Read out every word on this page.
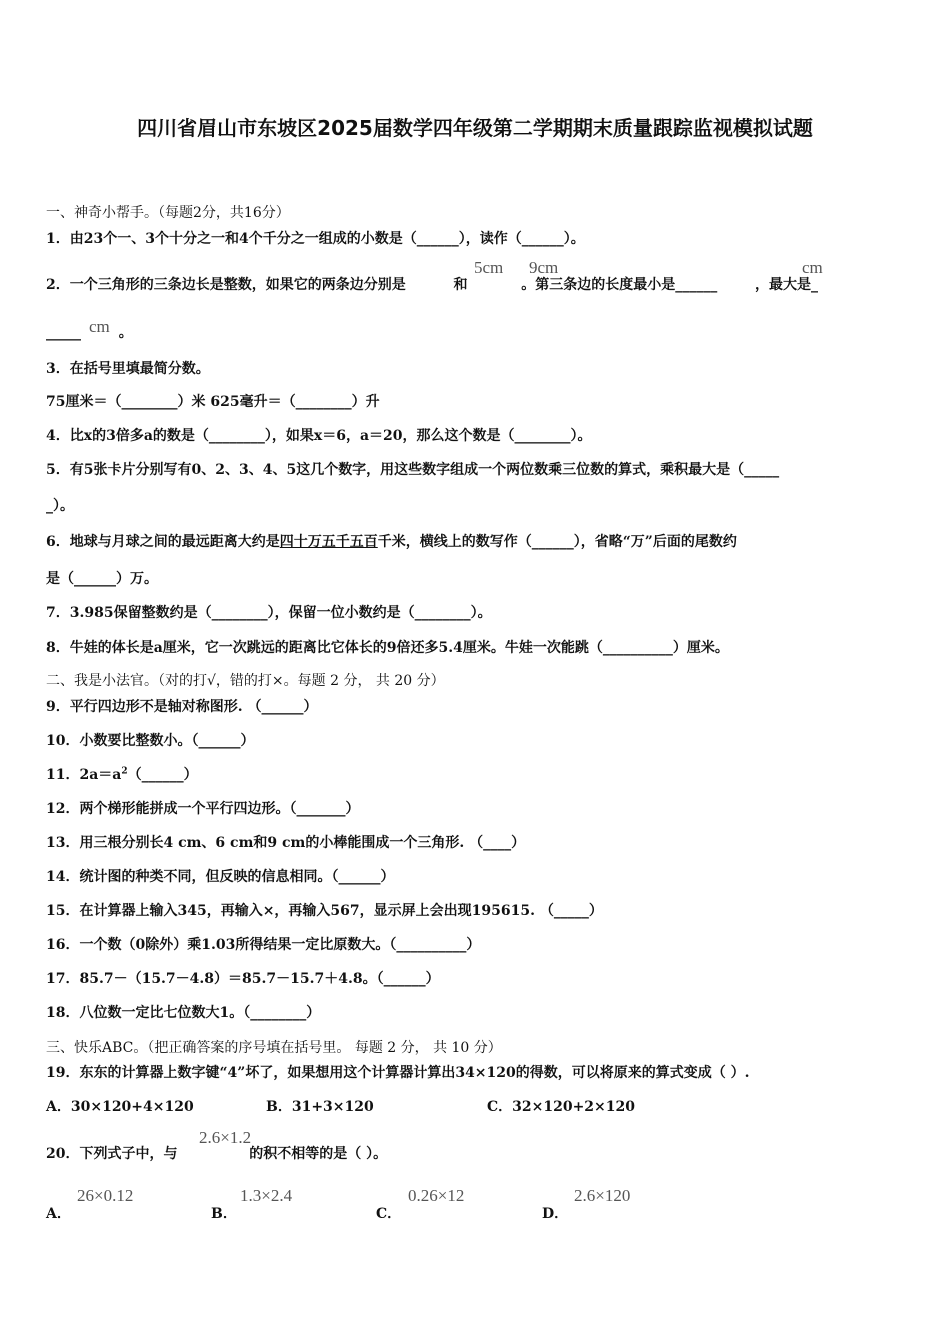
四川省眉山市东坡区2025届数学四年级第二学期期末质量跟踪监视模拟试题
一、神奇小帮手。（每题2分，共16分）
1．由23个一、3个十分之一和4个千分之一组成的小数是（______），读作（______）。
2．一个三角形的三条边长是整数，如果它的两条边分别是	和	。第三条边的长度最小是______	，最大是_
5cm 9cm	cm
_____	。
cm
3．在括号里填最简分数。
75厘米＝（________）米 625毫升＝（________）升
4．比x的3倍多a的数是（________），如果x＝6，a＝20，那么这个数是（________）。
5．有5张卡片分别写有0、2、3、4、5这几个数字，用这些数字组成一个两位数乘三位数的算式，乘积最大是（_____
_）。
6．地球与月球之间的最远距离大约是四十万五千五百千米，横线上的数写作（______），省略“万”后面的尾数约
是（______）万。
7．3.985保留整数约是（________），保留一位小数约是（________）。
8．牛娃的体长是a厘米，它一次跳远的距离比它体长的9倍还多5.4厘米。牛娃一次能跳（__________）厘米。
二、我是小法官。（对的打√，错的打×。每题 2 分， 共 20 分）
9．平行四边形不是轴对称图形. （______）
10．小数要比整数小。（______）
11．$2a=a^2(\_\_\_\_\_\_)$
12．两个梯形能拼成一个平行四边形。（_______）
13．用三根分别长4 cm、6 cm和9 cm的小棒能围成一个三角形. （____）
14．统计图的种类不同，但反映的信息相同。（______）
15．在计算器上输入345，再输入×，再输入567，显示屏上会出现195615. （_____）
16．一个数（0除外）乘1.03所得结果一定比原数大。（__________）
17．85.7－（15.7－4.8）＝85.7－15.7＋4.8。（______）
18．八位数一定比七位数大1。（________）
三、快乐ABC。（把正确答案的序号填在括号里。 每题 2 分， 共 10 分）
19．东东的计算器上数字键“4”坏了，如果想用这个计算器计算出34×120的得数，可以将原来的算式变成（ ）.
A．30×120+4×120	B．31+3×120	C．32×120+2×120
20．下列式子中，与	的积不相等的是（ ）。
2.6×1.2
A．
26×0.12
B．
1.3×2.4
C．
0.26×12
D．
2.6×120
